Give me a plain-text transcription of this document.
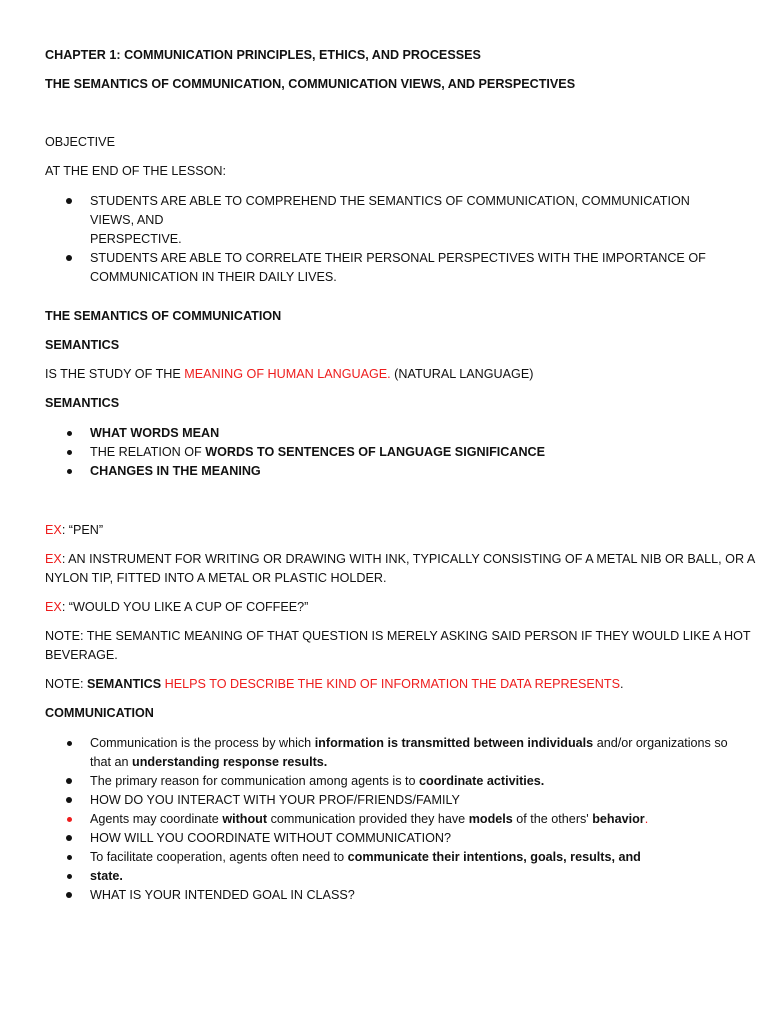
CHAPTER 1: COMMUNICATION PRINCIPLES, ETHICS, AND PROCESSES
THE SEMANTICS OF COMMUNICATION, COMMUNICATION VIEWS, AND PERSPECTIVES
OBJECTIVE
AT THE END OF THE LESSON:
STUDENTS ARE ABLE TO COMPREHEND THE SEMANTICS OF COMMUNICATION, COMMUNICATION VIEWS, AND
PERSPECTIVE.
STUDENTS ARE ABLE TO CORRELATE THEIR PERSONAL PERSPECTIVES WITH THE IMPORTANCE OF
COMMUNICATION IN THEIR DAILY LIVES.
THE SEMANTICS OF COMMUNICATION
SEMANTICS
IS THE STUDY OF THE MEANING OF HUMAN LANGUAGE. (NATURAL LANGUAGE)
SEMANTICS
WHAT WORDS MEAN
THE RELATION OF WORDS TO SENTENCES OF LANGUAGE SIGNIFICANCE
CHANGES IN THE MEANING
EX: “PEN”
EX: AN INSTRUMENT FOR WRITING OR DRAWING WITH INK, TYPICALLY CONSISTING OF A METAL NIB OR BALL, OR A
NYLON TIP, FITTED INTO A METAL OR PLASTIC HOLDER.
EX: “WOULD YOU LIKE A CUP OF COFFEE?”
NOTE: THE SEMANTIC MEANING OF THAT QUESTION IS MERELY ASKING SAID PERSON IF THEY WOULD LIKE A HOT
BEVERAGE.
NOTE: SEMANTICS HELPS TO DESCRIBE THE KIND OF INFORMATION THE DATA REPRESENTS.
COMMUNICATION
Communication is the process by which information is transmitted between individuals and/or organizations so
that an understanding response results.
The primary reason for communication among agents is to coordinate activities.
HOW DO YOU INTERACT WITH YOUR PROF/FRIENDS/FAMILY
Agents may coordinate without communication provided they have models of the others' behavior.
HOW WILL YOU COORDINATE WITHOUT COMMUNICATION?
To facilitate cooperation, agents often need to communicate their intentions, goals, results, and
state.
WHAT IS YOUR INTENDED GOAL IN CLASS?
